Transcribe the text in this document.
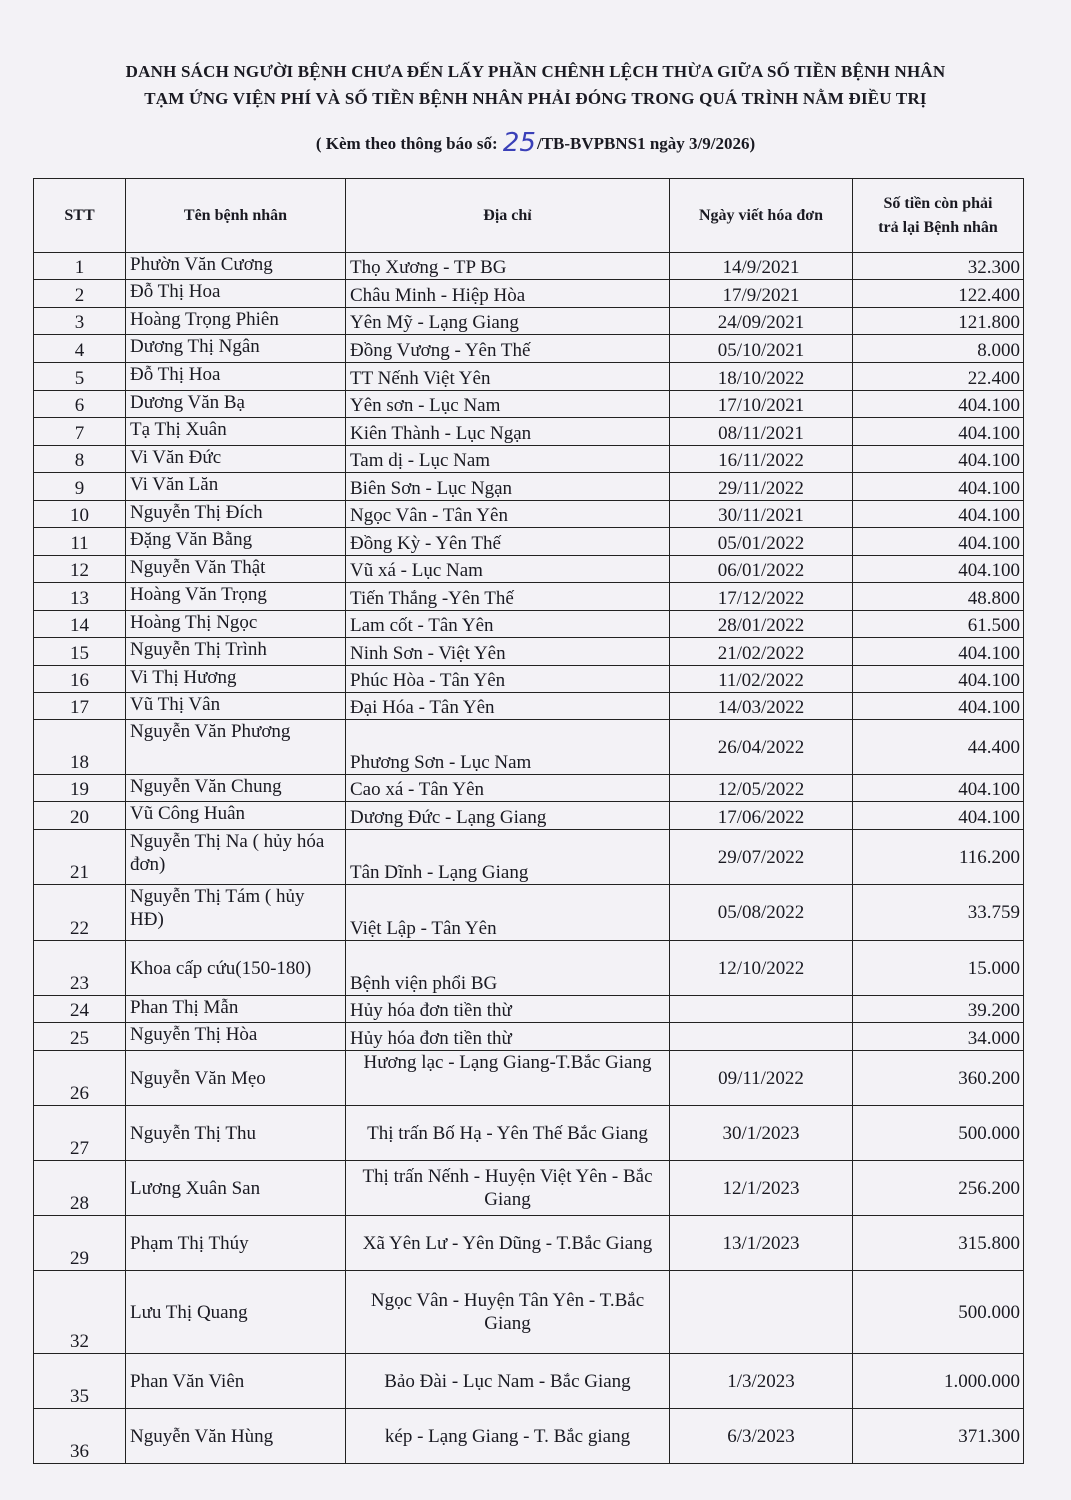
DANH SÁCH NGƯỜI BỆNH CHƯA ĐẾN LẤY PHẦN CHÊNH LỆCH THỪA GIỮA SỐ TIỀN BỆNH NHÂN
TẠM ỨNG VIỆN PHÍ VÀ SỐ TIỀN BỆNH NHÂN PHẢI ĐÓNG TRONG QUÁ TRÌNH NẰM ĐIỀU TRỊ
( Kèm theo thông báo số: 25/TB-BVPBNS1 ngày 3/9/2026)
STT	Tên bệnh nhân	Địa chỉ	Ngày viết hóa đơn	Số tiền còn phải
trả lại Bệnh nhân

1	Phườn Văn Cương	Thọ Xương - TP BG	14/9/2021	32.300
2	Đỗ Thị Hoa	Châu Minh - Hiệp Hòa	17/9/2021	122.400
3	Hoàng Trọng Phiên	Yên Mỹ - Lạng Giang	24/09/2021	121.800
4	Dương Thị Ngân	Đồng Vương - Yên Thế	05/10/2021	8.000
5	Đỗ Thị Hoa	TT Nếnh Việt Yên	18/10/2022	22.400
6	Dương Văn Bạ	Yên sơn - Lục Nam	17/10/2021	404.100
7	Tạ Thị Xuân	Kiên Thành - Lục Ngạn	08/11/2021	404.100
8	Vi Văn Đức	Tam dị - Lục Nam	16/11/2022	404.100
9	Vi Văn Lăn	Biên Sơn - Lục Ngạn	29/11/2022	404.100
10	Nguyễn Thị Đích	Ngọc Vân - Tân Yên	30/11/2021	404.100
11	Đặng Văn Bằng	Đồng Kỳ - Yên Thế	05/01/2022	404.100
12	Nguyễn Văn Thật	Vũ xá - Lục Nam	06/01/2022	404.100
13	Hoàng Văn Trọng	Tiến Thắng -Yên Thế	17/12/2022	48.800
14	Hoàng Thị Ngọc	Lam cốt - Tân Yên	28/01/2022	61.500
15	Nguyễn Thị Trình	Ninh Sơn - Việt Yên	21/02/2022	404.100
16	Vi Thị Hương	Phúc Hòa - Tân Yên	11/02/2022	404.100
17	Vũ Thị Vân	Đại Hóa - Tân Yên	14/03/2022	404.100
18	Nguyễn Văn Phương	Phương Sơn - Lục Nam	26/04/2022	44.400
19	Nguyễn Văn Chung	Cao xá - Tân Yên	12/05/2022	404.100
20	Vũ Công Huân	Dương Đức - Lạng Giang	17/06/2022	404.100
21	Nguyễn Thị Na ( hủy hóa đơn)	Tân Dĩnh - Lạng Giang	29/07/2022	116.200
22	Nguyễn Thị Tám ( hủy HĐ)	Việt Lập - Tân Yên	05/08/2022	33.759
23	Khoa cấp cứu(150-180)	Bệnh viện phổi BG	12/10/2022	15.000
24	Phan Thị Mẫn	Hủy hóa đơn tiền thừ		39.200
25	Nguyễn Thị Hòa	Hủy hóa đơn tiền thừ		34.000
26	Nguyễn Văn Mẹo	Hương lạc - Lạng Giang-T.Bắc Giang	09/11/2022	360.200
27	Nguyễn Thị Thu	Thị trấn Bố Hạ - Yên Thế Bắc Giang	30/1/2023	500.000
28	Lương Xuân San	Thị trấn Nếnh - Huyện Việt Yên - Bắc Giang	12/1/2023	256.200
29	Phạm Thị Thúy	Xã Yên Lư - Yên Dũng - T.Bắc Giang	13/1/2023	315.800
32	Lưu Thị Quang	Ngọc Vân - Huyện Tân Yên - T.Bắc Giang		500.000
35	Phan Văn Viên	Bảo Đài - Lục Nam - Bắc Giang	1/3/2023	1.000.000
36	Nguyễn Văn Hùng	kép - Lạng Giang - T. Bắc giang	6/3/2023	371.300
